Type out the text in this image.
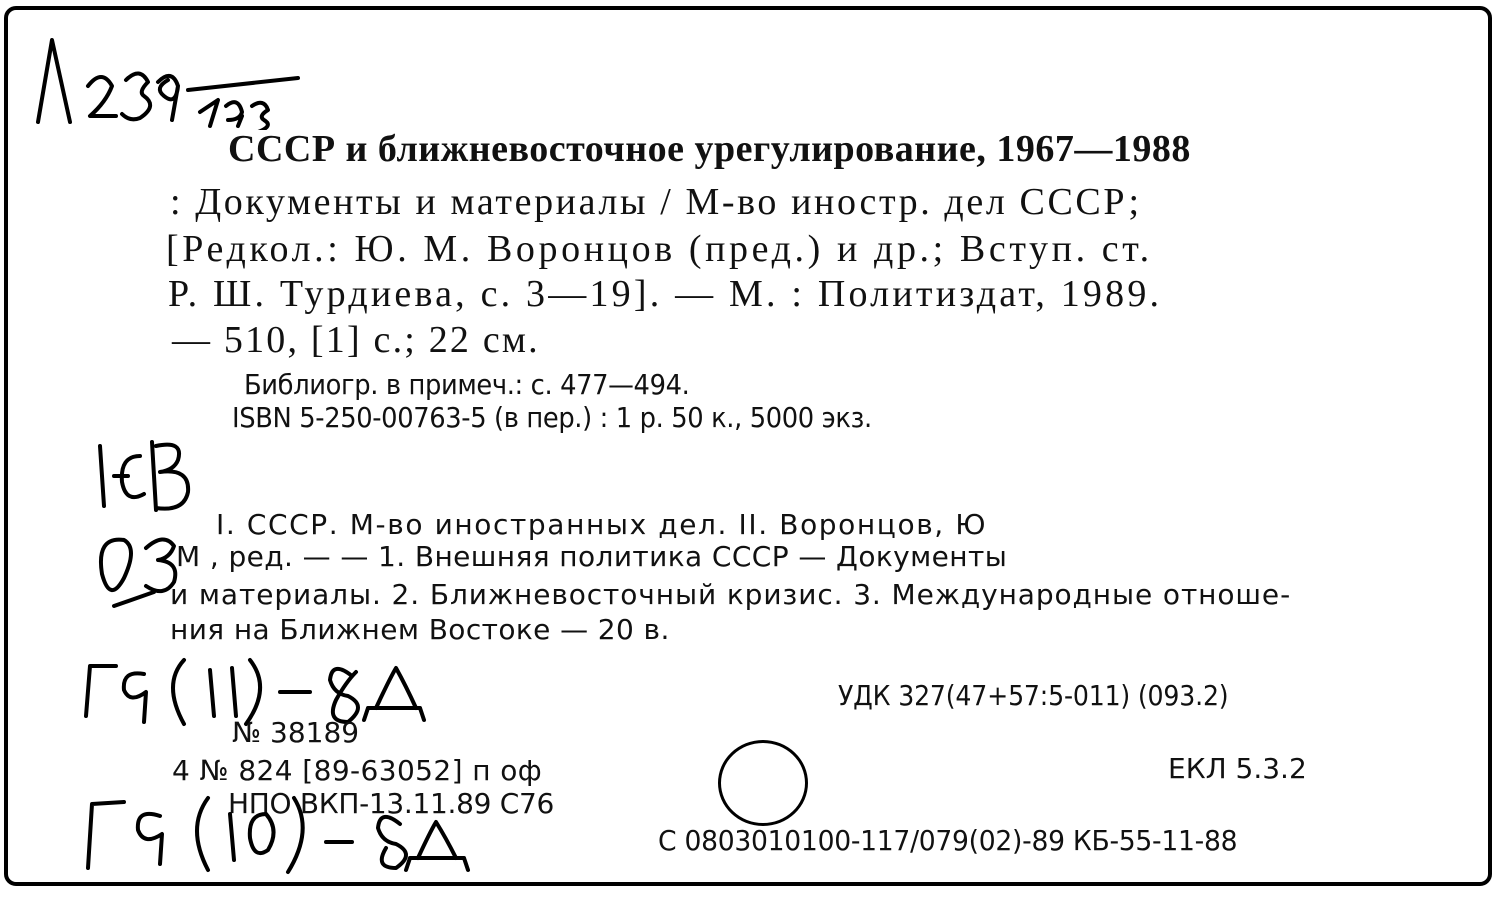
СССР и ближневосточное урегулирование, 1967—1988

: Документы и материалы / М-во иностр. дел СССР;

[Редкол.: Ю. М. Воронцов (пред.) и др.; Вступ. ст.

Р. Ш. Турдиева, с. 3—19]. — М. : Политиздат, 1989.

— 510, [1] с.; 22 см.

Библиогр. в примеч.: с. 477—494.

ISBN 5-250-00763-5 (в пер.) : 1 р. 50 к., 5000 экз.

I. СССР. М-во иностранных дел. II. Воронцов, Ю

М , ред. — — 1. Внешняя политика СССР — Документы

и материалы. 2. Ближневосточный кризис. 3. Международные отноше-

ния на Ближнем Востоке — 20 в.

УДК 327(47+57:5-011) (093.2)

№ 38189

4 № 824 [89-63052] п оф	ЕКЛ 5.3.2

НПО ВКП-13.11.89 С76

С 0803010100-117/079(02)-89 КБ-55-11-88
